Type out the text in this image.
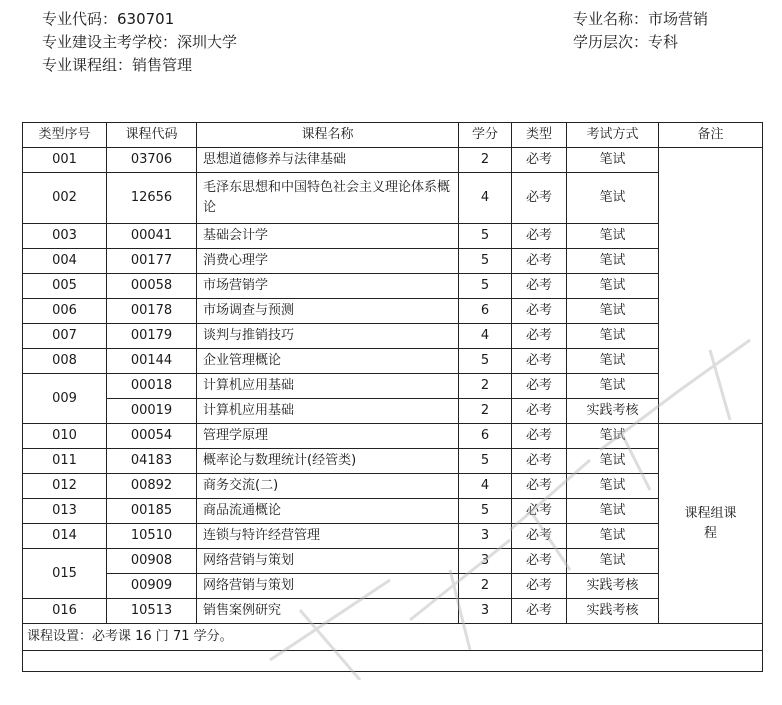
专业代码：630701
专业建设主考学校：深圳大学
专业课程组：销售管理
专业名称：市场营销
学历层次：专科
类型序号	课程代码	课程名称	学分	类型	考试方式	备注
001	03706	思想道德修养与法律基础	2	必考	笔试	
002	12656	毛泽东思想和中国特色社会主义理论体系概论	4	必考	笔试	
003	00041	基础会计学	5	必考	笔试	
004	00177	消费心理学	5	必考	笔试	
005	00058	市场营销学	5	必考	笔试	
006	00178	市场调查与预测	6	必考	笔试	
007	00179	谈判与推销技巧	4	必考	笔试	
008	00144	企业管理概论	5	必考	笔试	
009	00018	计算机应用基础	2	必考	笔试	
	00019	计算机应用基础	2	必考	实践考核	
010	00054	管理学原理	6	必考	笔试	课程组课程
011	04183	概率论与数理统计(经管类)	5	必考	笔试	
012	00892	商务交流(二)	4	必考	笔试	
013	00185	商品流通概论	5	必考	笔试	
014	10510	连锁与特许经营管理	3	必考	笔试	
015	00908	网络营销与策划	3	必考	笔试	
	00909	网络营销与策划	2	必考	实践考核	
016	10513	销售案例研究	3	必考	实践考核	
课程设置：必考课 16 门 71 学分。						
